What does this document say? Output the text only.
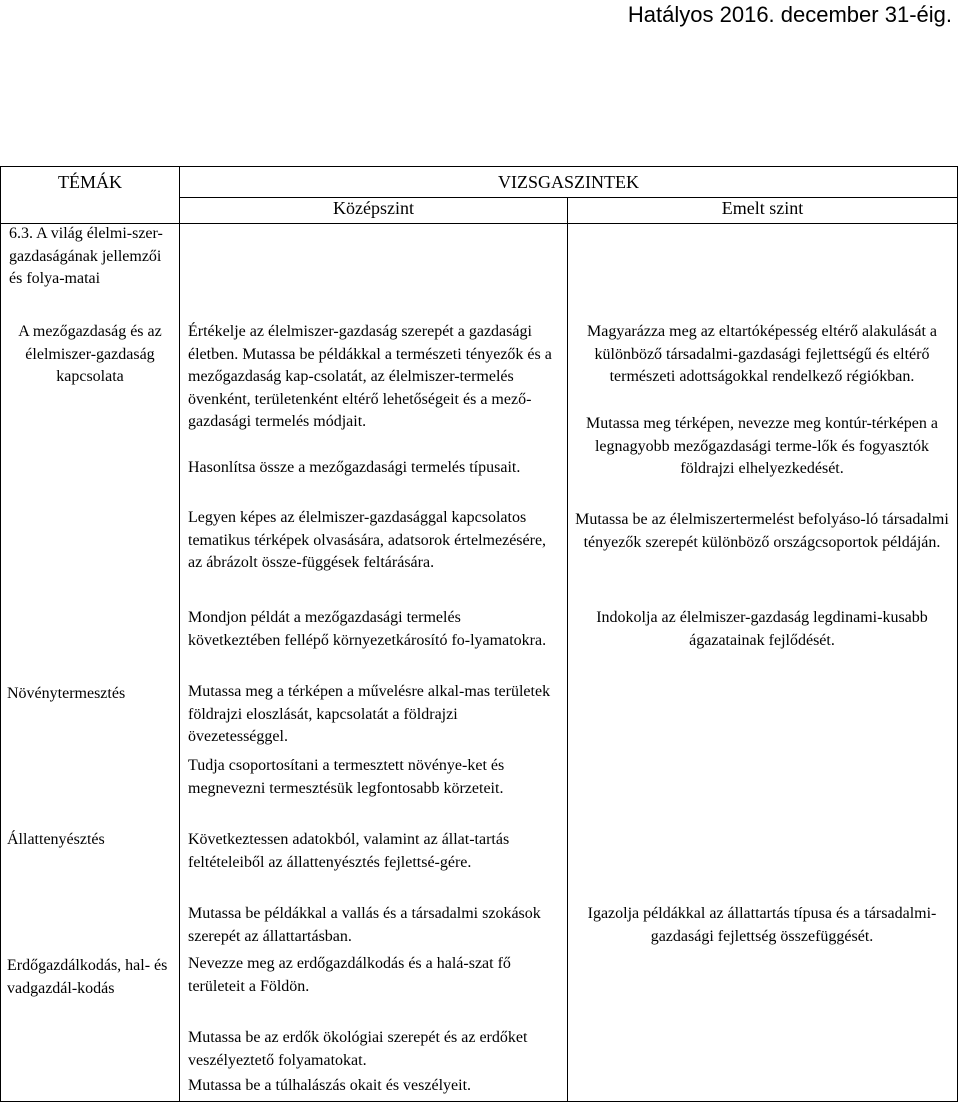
Hatályos 2016. december 31-éig.
TÉMÁK	VIZSGASZINTEK
Középszint	Emelt szint
6.3. A világ élelmi-szer-gazdaságának jellemzői és folya-matai
A mezőgazdaság és az élelmiszer-gazdaság kapcsolata
Növénytermesztés
Állattenyésztés
Erdőgazdálkodás, hal- és vadgazdál-kodás
Értékelje az élelmiszer-gazdaság szerepét a gazdasági életben. Mutassa be példákkal a természeti tényezők és a mezőgazdaság kap-csolatát, az élelmiszer-termelés övenként, területenként eltérő lehetőségeit és a mező-gazdasági termelés módjait.
Hasonlítsa össze a mezőgazdasági termelés típusait.
Legyen képes az élelmiszer-gazdasággal kapcsolatos tematikus térképek olvasására, adatsorok értelmezésére, az ábrázolt össze-függések feltárására.
Mondjon példát a mezőgazdasági termelés következtében fellépő környezetkárosító fo-lyamatokra.
Mutassa meg a térképen a művelésre alkal-mas területek földrajzi eloszlását, kapcsolatát a földrajzi övezetességgel.
Tudja csoportosítani a termesztett növénye-ket és megnevezni termesztésük legfontosabb körzeteit.
Következtessen adatokból, valamint az állat-tartás feltételeiből az állattenyésztés fejlettsé-gére.
Mutassa be példákkal a vallás és a társadalmi szokások szerepét az állattartásban.
Nevezze meg az erdőgazdálkodás és a halá-szat fő területeit a Földön.
Mutassa be az erdők ökológiai szerepét és az erdőket veszélyeztető folyamatokat.
Mutassa be a túlhalászás okait és veszélyeit.
Magyarázza meg az eltartóképesség eltérő alakulását a különböző társadalmi-gazdasági fejlettségű és eltérő természeti adottságokkal rendelkező régiókban.
Mutassa meg térképen, nevezze meg kontúr-térképen a legnagyobb mezőgazdasági terme-lők és fogyasztók földrajzi elhelyezkedését.
Mutassa be az élelmiszertermelést befolyáso-ló társadalmi tényezők szerepét különböző országcsoportok példáján.
Indokolja az élelmiszer-gazdaság legdinami-kusabb ágazatainak fejlődését.
Igazolja példákkal az állattartás típusa és a társadalmi-gazdasági fejlettség összefüggését.
